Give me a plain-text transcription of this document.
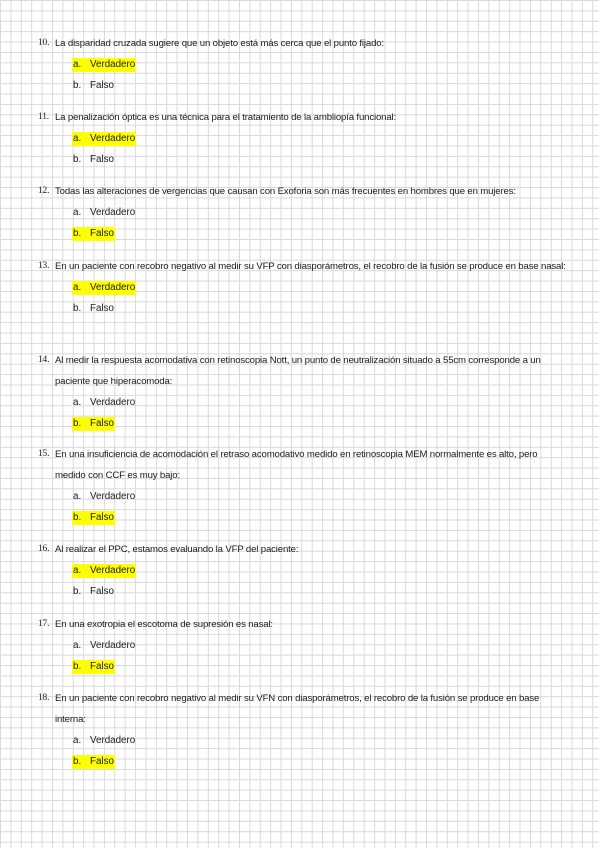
10. La disparidad cruzada sugiere que un objeto está más cerca que el punto fijado:
a. Verdadero
b. Falso
11. La penalización óptica es una técnica para el tratamiento de la ambliopía funcional:
a. Verdadero
b. Falso
12. Todas las alteraciones de vergencias que causan con Exoforia son más frecuentes en hombres que en mujeres:
a. Verdadero
b. Falso
13. En un paciente con recobro negativo al medir su VFP con diasporámetros, el recobro de la fusión se produce en base nasal:
a. Verdadero
b. Falso
14. Al medir la respuesta acomodativa con retinoscopia Nott, un punto de neutralización situado a 55cm corresponde a un paciente que hiperacomoda:
a. Verdadero
b. Falso
15. En una insuficiencia de acomodación el retraso acomodativo medido en retinoscopia MEM normalmente es alto, pero medido con CCF es muy bajo:
a. Verdadero
b. Falso
16. Al realizar el PPC, estamos evaluando la VFP del paciente:
a. Verdadero
b. Falso
17. En una exotropia el escotoma de supresión es nasal:
a. Verdadero
b. Falso
18. En un paciente con recobro negativo al medir su VFN con diasporámetros, el recobro de la fusión se produce en base interna:
a. Verdadero
b. Falso
